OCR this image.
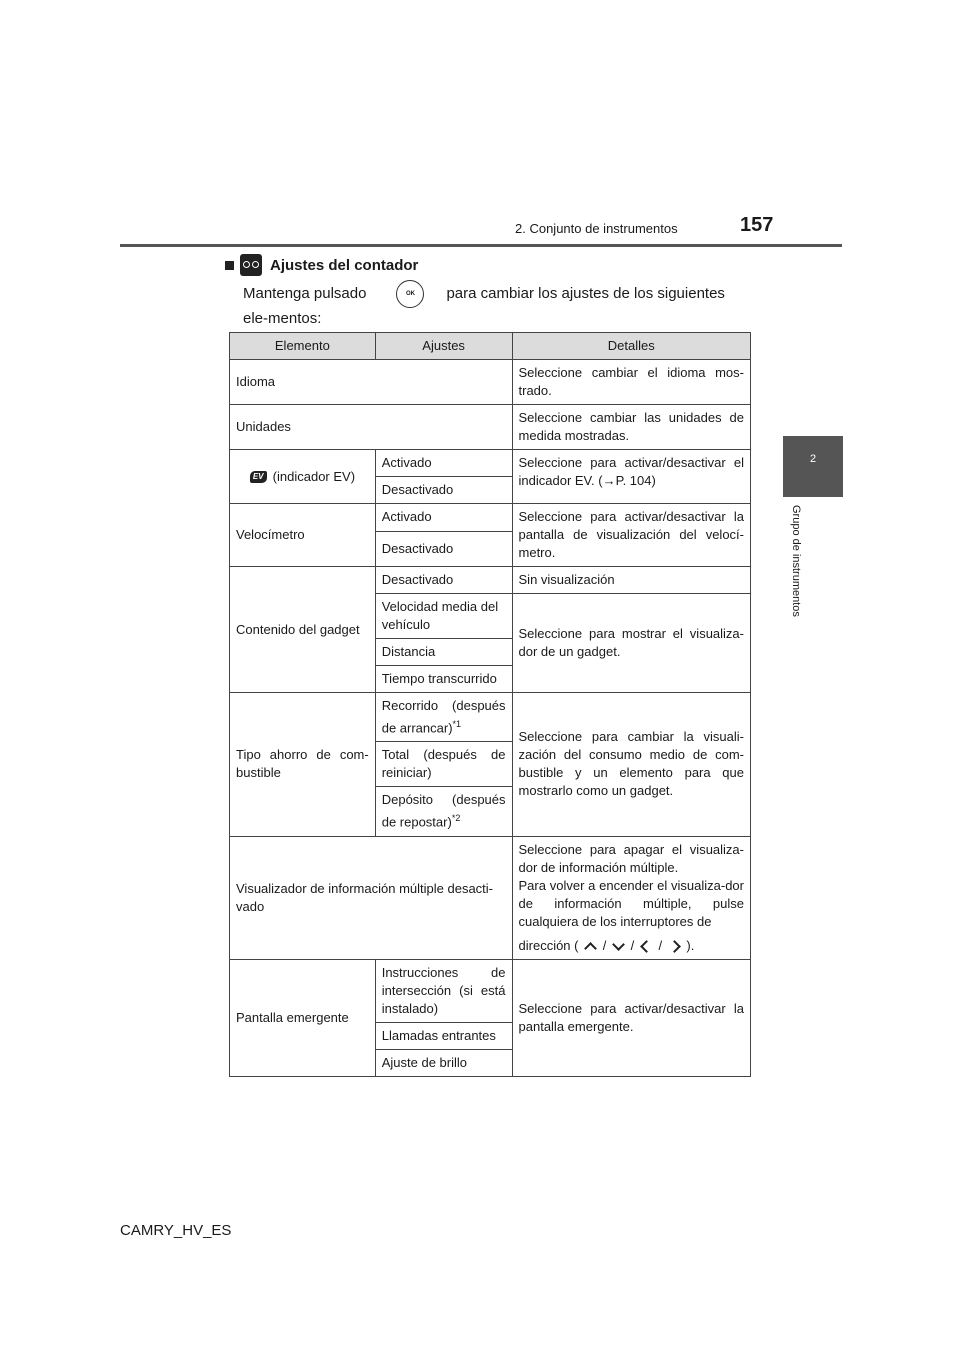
2. Conjunto de instrumentos	157
2
Grupo de instrumentos
Ajustes del contador
Mantenga pulsado	OK para cambiar los ajustes de los siguientes ele-mentos:
Elemento	Ajustes	Detalles
Idioma		Seleccione cambiar el idioma mos-trado.
Unidades		Seleccione cambiar las unidades de medida mostradas.
EV (indicador EV)	Activado	Seleccione para activar/desactivar el indicador EV. (→P. 104)
	Desactivado	
Velocímetro	Activado	Seleccione para activar/desactivar la pantalla de visualización del velocí-metro.
	Desactivado	
Contenido del gadget	Desactivado	Sin visualización
	Velocidad media del vehículo	Seleccione para mostrar el visualiza-dor de un gadget.
	Distancia	
	Tiempo transcurrido	
Tipo ahorro de com-bustible	Recorrido (después de arrancar)$^{*1}$	Seleccione para cambiar la visuali-zación del consumo medio de com-bustible y un elemento para que mostrarlo como un gadget.
	Total (después de reiniciar)	
	Depósito (después de repostar)$^{*2}$
Visualizador de información múltiple desacti-vado		Seleccione para apagar el visualiza-dor de información múltiple.
Para volver a encender el visualiza-dor de información múltiple, pulse cualquiera de los interruptores de
dirección ( / / / ).

Pantalla emergente	Instrucciones de intersección (si está instalado)	Seleccione para activar/desactivar la pantalla emergente.
	Llamadas entrantes	
	Ajuste de brillo	
CAMRY_HV_ES
